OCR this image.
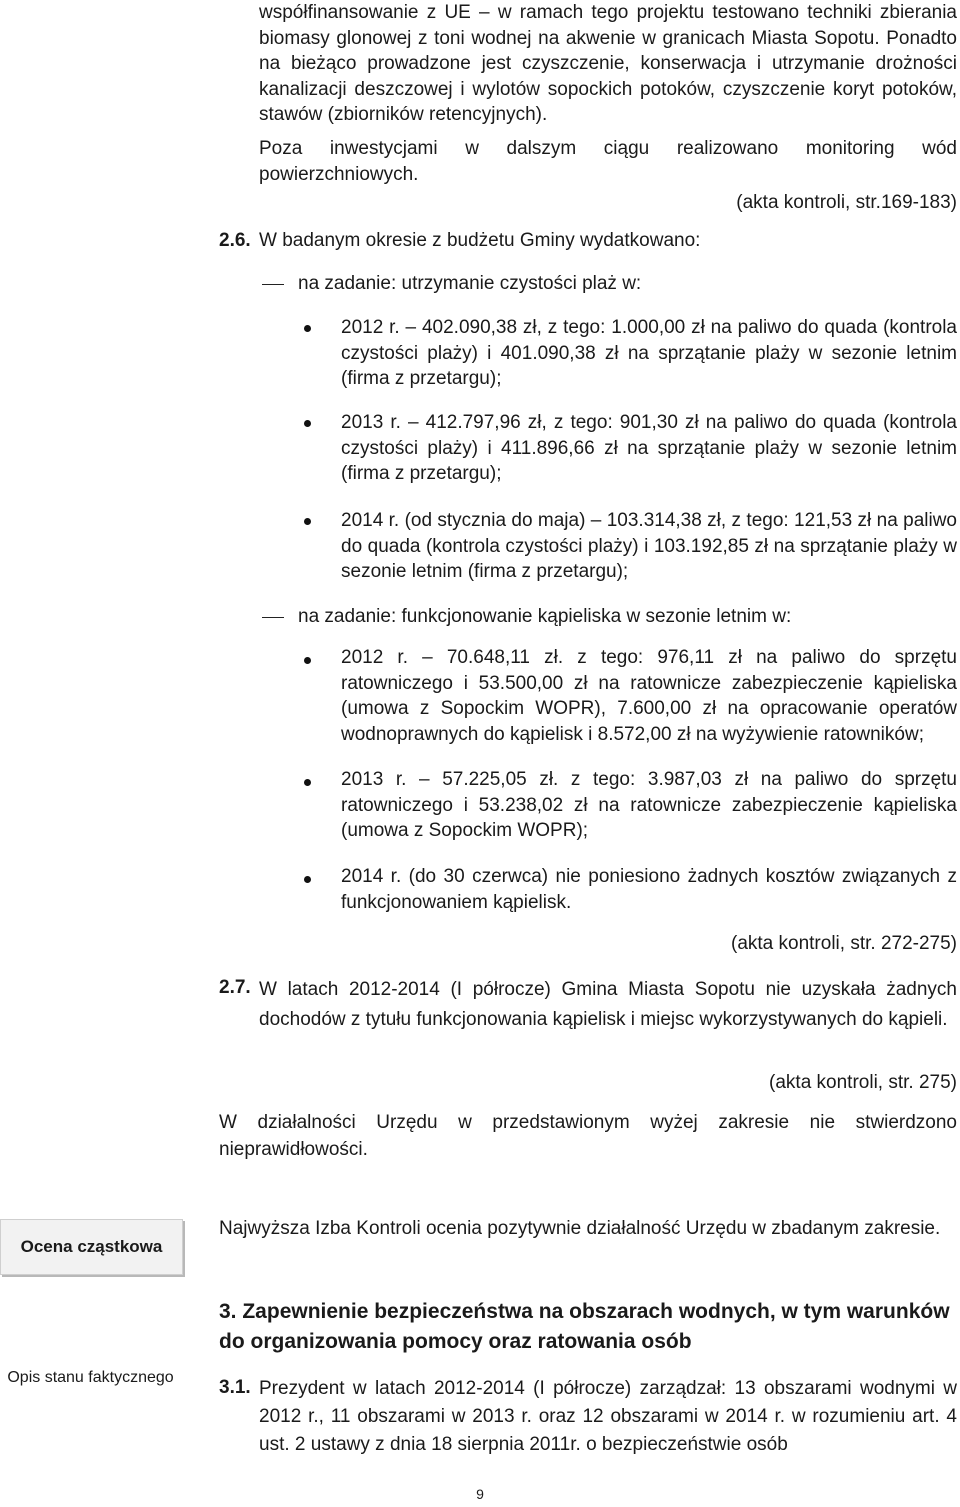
współfinansowanie z UE – w ramach tego projektu testowano techniki zbierania biomasy glonowej z toni wodnej na akwenie w granicach Miasta Sopotu. Ponadto na bieżąco prowadzone jest czyszczenie, konserwacja i utrzymanie drożności kanalizacji deszczowej i wylotów sopockich potoków, czyszczenie koryt potoków, stawów (zbiorników retencyjnych).
Poza inwestycjami w dalszym ciągu realizowano monitoring wód powierzchniowych.
(akta kontroli, str.169-183)
2.6. W badanym okresie z budżetu Gminy wydatkowano:
na zadanie: utrzymanie czystości plaż w:
2012 r. – 402.090,38 zł, z tego: 1.000,00 zł na paliwo do quada (kontrola czystości plaży) i 401.090,38 zł na sprzątanie plaży w sezonie letnim (firma z przetargu);
2013 r. – 412.797,96 zł, z tego: 901,30 zł na paliwo do quada (kontrola czystości plaży) i 411.896,66 zł na sprzątanie plaży w sezonie letnim (firma z przetargu);
2014 r. (od stycznia do maja) – 103.314,38 zł, z tego: 121,53 zł na paliwo do quada (kontrola czystości plaży) i 103.192,85 zł na sprzątanie plaży w sezonie letnim (firma z przetargu);
na zadanie: funkcjonowanie kąpieliska w sezonie letnim w:
2012 r. – 70.648,11 zł. z tego: 976,11 zł na paliwo do sprzętu ratowniczego i 53.500,00 zł na ratownicze zabezpieczenie kąpieliska (umowa z Sopockim WOPR), 7.600,00 zł na opracowanie operatów wodnoprawnych do kąpielisk i 8.572,00 zł na wyżywienie ratowników;
2013 r. – 57.225,05 zł. z tego: 3.987,03 zł na paliwo do sprzętu ratowniczego i 53.238,02 zł na ratownicze zabezpieczenie kąpieliska (umowa z Sopockim WOPR);
2014 r. (do 30 czerwca) nie poniesiono żadnych kosztów związanych z funkcjonowaniem kąpielisk.
(akta kontroli, str. 272-275)
2.7. W latach 2012-2014 (I półrocze) Gmina Miasta Sopotu nie uzyskała żadnych dochodów z tytułu funkcjonowania kąpielisk i miejsc wykorzystywanych do kąpieli.
(akta kontroli, str. 275)
W działalności Urzędu w przedstawionym wyżej zakresie nie stwierdzono nieprawidłowości.
Ocena cząstkowa
Opis stanu faktycznego
Najwyższa Izba Kontroli ocenia pozytywnie działalność Urzędu w zbadanym zakresie.
3. Zapewnienie bezpieczeństwa na obszarach wodnych, w tym warunków do organizowania pomocy oraz ratowania osób
3.1. Prezydent w latach 2012-2014 (I półrocze) zarządzał: 13 obszarami wodnymi w 2012 r., 11 obszarami w 2013 r. oraz 12 obszarami w 2014 r. w rozumieniu art. 4 ust. 2 ustawy z dnia 18 sierpnia 2011r. o bezpieczeństwie osób
9
